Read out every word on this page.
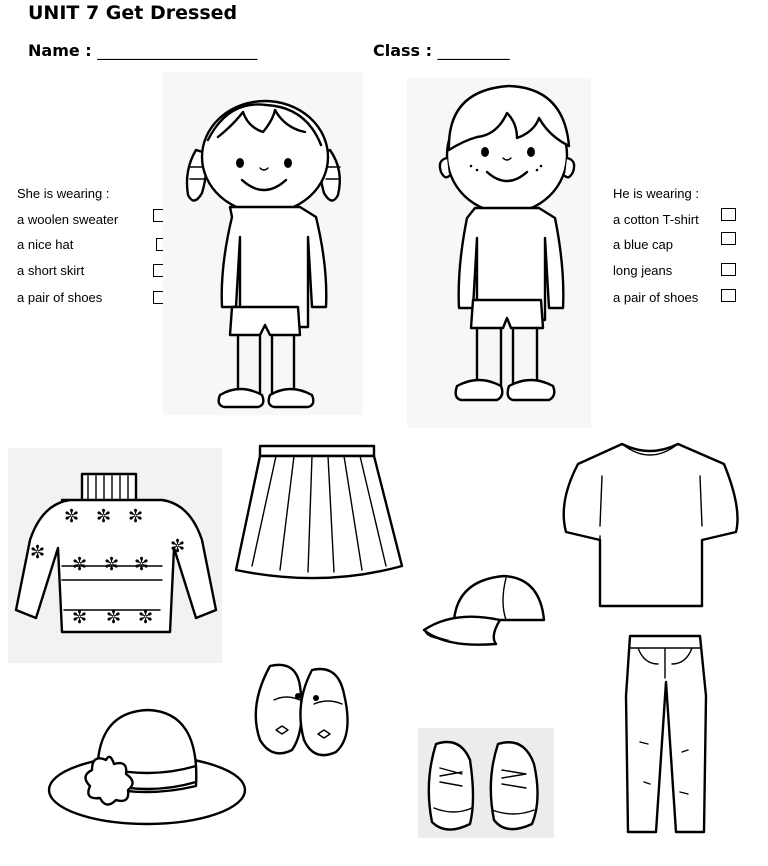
UNIT 7 Get Dressed
Name : ____________________	Class : _________
She is wearing :
a woolen sweater
a nice hat
a short skirt
a pair of shoes
He is wearing :
a cotton T-shirt
a blue cap
long jeans
a pair of shoes
✼ ✼ ✼
✼	✼
✼ ✼ ✼
✼ ✼ ✼
